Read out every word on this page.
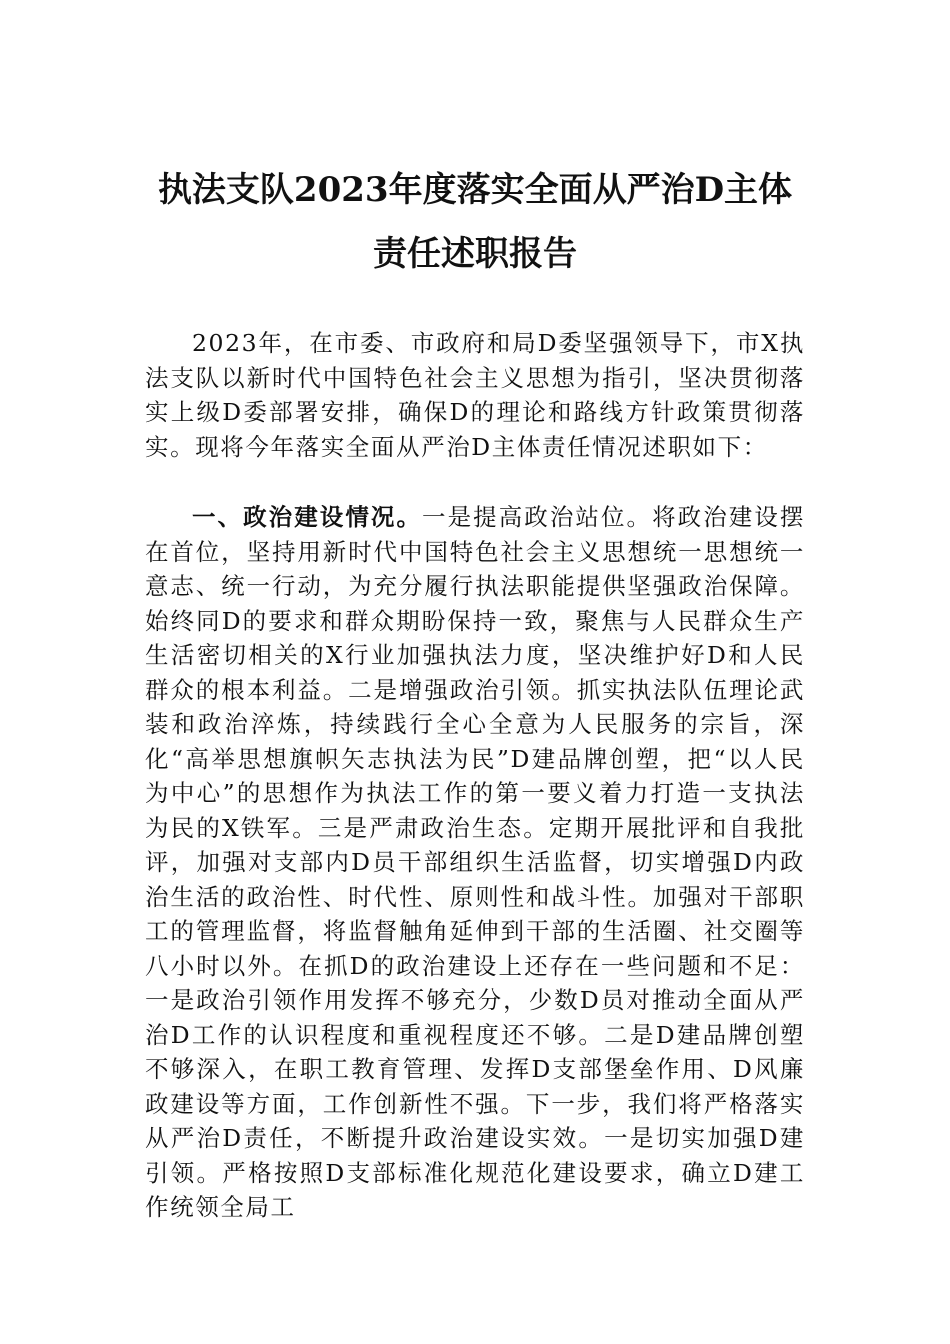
执法支队2023年度落实全面从严治D主体
责任述职报告

2023年，在市委、市政府和局D委坚强领导下，市X执法支队以新时代中国特色社会主义思想为指引，坚决贯彻落实上级D委部署安排，确保D的理论和路线方针政策贯彻落实。现将今年落实全面从严治D主体责任情况述职如下：

一、政治建设情况。一是提高政治站位。将政治建设摆在首位，坚持用新时代中国特色社会主义思想统一思想统一意志、统一行动，为充分履行执法职能提供坚强政治保障。始终同D的要求和群众期盼保持一致，聚焦与人民群众生产生活密切相关的X行业加强执法力度，坚决维护好D和人民群众的根本利益。二是增强政治引领。抓实执法队伍理论武装和政治淬炼，持续践行全心全意为人民服务的宗旨，深化“高举思想旗帜矢志执法为民”D建品牌创塑，把“以人民为中心”的思想作为执法工作的第一要义着力打造一支执法为民的X铁军。三是严肃政治生态。定期开展批评和自我批评，加强对支部内D员干部组织生活监督，切实增强D内政治生活的政治性、时代性、原则性和战斗性。加强对干部职工的管理监督，将监督触角延伸到干部的生活圈、社交圈等八小时以外。在抓D的政治建设上还存在一些问题和不足：一是政治引领作用发挥不够充分，少数D员对推动全面从严治D工作的认识程度和重视程度还不够。二是D建品牌创塑不够深入，在职工教育管理、发挥D支部堡垒作用、D风廉政建设等方面，工作创新性不强。下一步，我们将严格落实从严治D责任，不断提升政治建设实效。一是切实加强D建引领。严格按照D支部标准化规范化建设要求，确立D建工作统领全局工
